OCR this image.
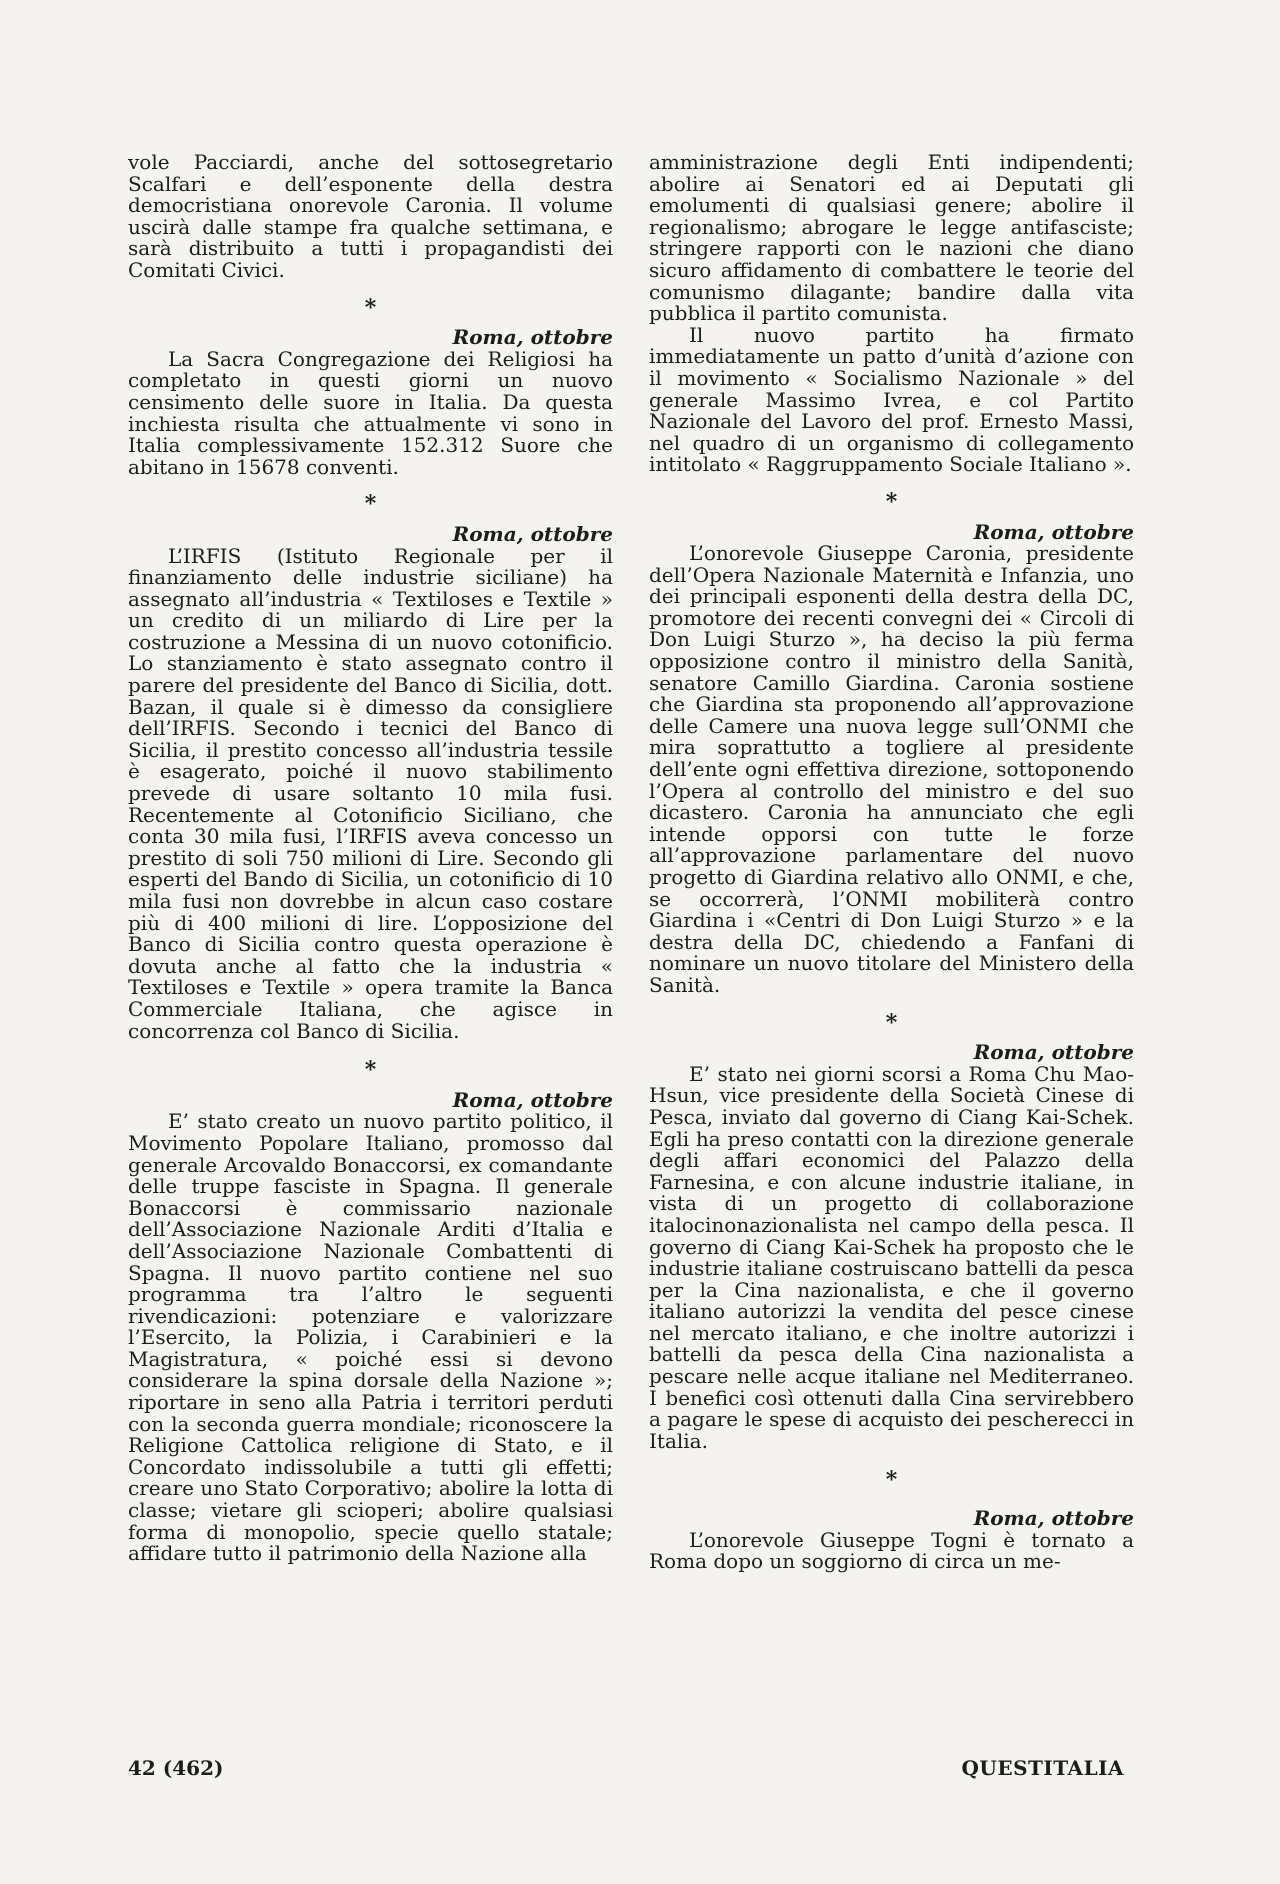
vole Pacciardi, anche del sottosegretario Scalfari e dell’esponente della destra democristiana onorevole Caronia. Il volume uscirà dalle stampe fra qualche settimana, e sarà distribuito a tutti i propagandisti dei Comitati Civici.

*
Roma, ottobre

La Sacra Congregazione dei Religiosi ha completato in questi giorni un nuovo censimento delle suore in Italia. Da questa inchiesta risulta che attualmente vi sono in Italia complessivamente 152.312 Suore che abitano in 15678 conventi.

*
Roma, ottobre

L’IRFIS (Istituto Regionale per il finanziamento delle industrie siciliane) ha assegnato all’industria « Textiloses e Textile » un credito di un miliardo di Lire per la costruzione a Messina di un nuovo cotonificio. Lo stanziamento è stato assegnato contro il parere del presidente del Banco di Sicilia, dott. Bazan, il quale si è dimesso da consigliere dell’IRFIS. Secondo i tecnici del Banco di Sicilia, il prestito concesso all’industria tessile è esagerato, poiché il nuovo stabilimento prevede di usare soltanto 10 mila fusi. Recentemente al Cotonificio Siciliano, che conta 30 mila fusi, l’IRFIS aveva concesso un prestito di soli 750 milioni di Lire. Secondo gli esperti del Bando di Sicilia, un cotonificio di 10 mila fusi non dovrebbe in alcun caso costare più di 400 milioni di lire. L’opposizione del Banco di Sicilia contro questa operazione è dovuta anche al fatto che la industria « Textiloses e Textile » opera tramite la Banca Commerciale Italiana, che agisce in concorrenza col Banco di Sicilia.

*
Roma, ottobre

E’ stato creato un nuovo partito politico, il Movimento Popolare Italiano, promosso dal generale Arcovaldo Bonaccorsi, ex comandante delle truppe fasciste in Spagna. Il generale Bonaccorsi è commissario nazionale dell’Associazione Nazionale Arditi d’Italia e dell’Associazione Nazionale Combattenti di Spagna. Il nuovo partito contiene nel suo programma tra l’altro le seguenti rivendicazioni: potenziare e valorizzare l’Esercito, la Polizia, i Carabinieri e la Magistratura, « poiché essi si devono considerare la spina dorsale della Nazione »; riportare in seno alla Patria i territori perduti con la seconda guerra mondiale; riconoscere la Religione Cattolica religione di Stato, e il Concordato indissolubile a tutti gli effetti; creare uno Stato Corporativo; abolire la lotta di classe; vietare gli scioperi; abolire qualsiasi forma di monopolio, specie quello statale; affidare tutto il patrimonio della Nazione alla

amministrazione degli Enti indipendenti; abolire ai Senatori ed ai Deputati gli emolumenti di qualsiasi genere; abolire il regionalismo; abrogare le legge antifasciste; stringere rapporti con le nazioni che diano sicuro affidamento di combattere le teorie del comunismo dilagante; bandire dalla vita pubblica il partito comunista.

Il nuovo partito ha firmato immediatamente un patto d’unità d’azione con il movimento « Socialismo Nazionale » del generale Massimo Ivrea, e col Partito Nazionale del Lavoro del prof. Ernesto Massi, nel quadro di un organismo di collegamento intitolato « Raggruppamento Sociale Italiano ».

*
Roma, ottobre

L’onorevole Giuseppe Caronia, presidente dell’Opera Nazionale Maternità e Infanzia, uno dei principali esponenti della destra della DC, promotore dei recenti convegni dei « Circoli di Don Luigi Sturzo », ha deciso la più ferma opposizione contro il ministro della Sanità, senatore Camillo Giardina. Caronia sostiene che Giardina sta proponendo all’approvazione delle Camere una nuova legge sull’ONMI che mira soprattutto a togliere al presidente dell’ente ogni effettiva direzione, sottoponendo l’Opera al controllo del ministro e del suo dicastero. Caronia ha annunciato che egli intende opporsi con tutte le forze all’approvazione parlamentare del nuovo progetto di Giardina relativo allo ONMI, e che, se occorrerà, l’ONMI mobiliterà contro Giardina i «Centri di Don Luigi Sturzo » e la destra della DC, chiedendo a Fanfani di nominare un nuovo titolare del Ministero della Sanità.

*
Roma, ottobre

E’ stato nei giorni scorsi a Roma Chu Mao-Hsun, vice presidente della Società Cinese di Pesca, inviato dal governo di Ciang Kai-Schek. Egli ha preso contatti con la direzione generale degli affari economici del Palazzo della Farnesina, e con alcune industrie italiane, in vista di un progetto di collaborazione italocinonazionalista nel campo della pesca. Il governo di Ciang Kai-Schek ha proposto che le industrie italiane costruiscano battelli da pesca per la Cina nazionalista, e che il governo italiano autorizzi la vendita del pesce cinese nel mercato italiano, e che inoltre autorizzi i battelli da pesca della Cina nazionalista a pescare nelle acque italiane nel Mediterraneo. I benefici così ottenuti dalla Cina servirebbero a pagare le spese di acquisto dei pescherecci in Italia.

*
Roma, ottobre

L’onorevole Giuseppe Togni è tornato a Roma dopo un soggiorno di circa un me-

42 (462)	QUESTITALIA
